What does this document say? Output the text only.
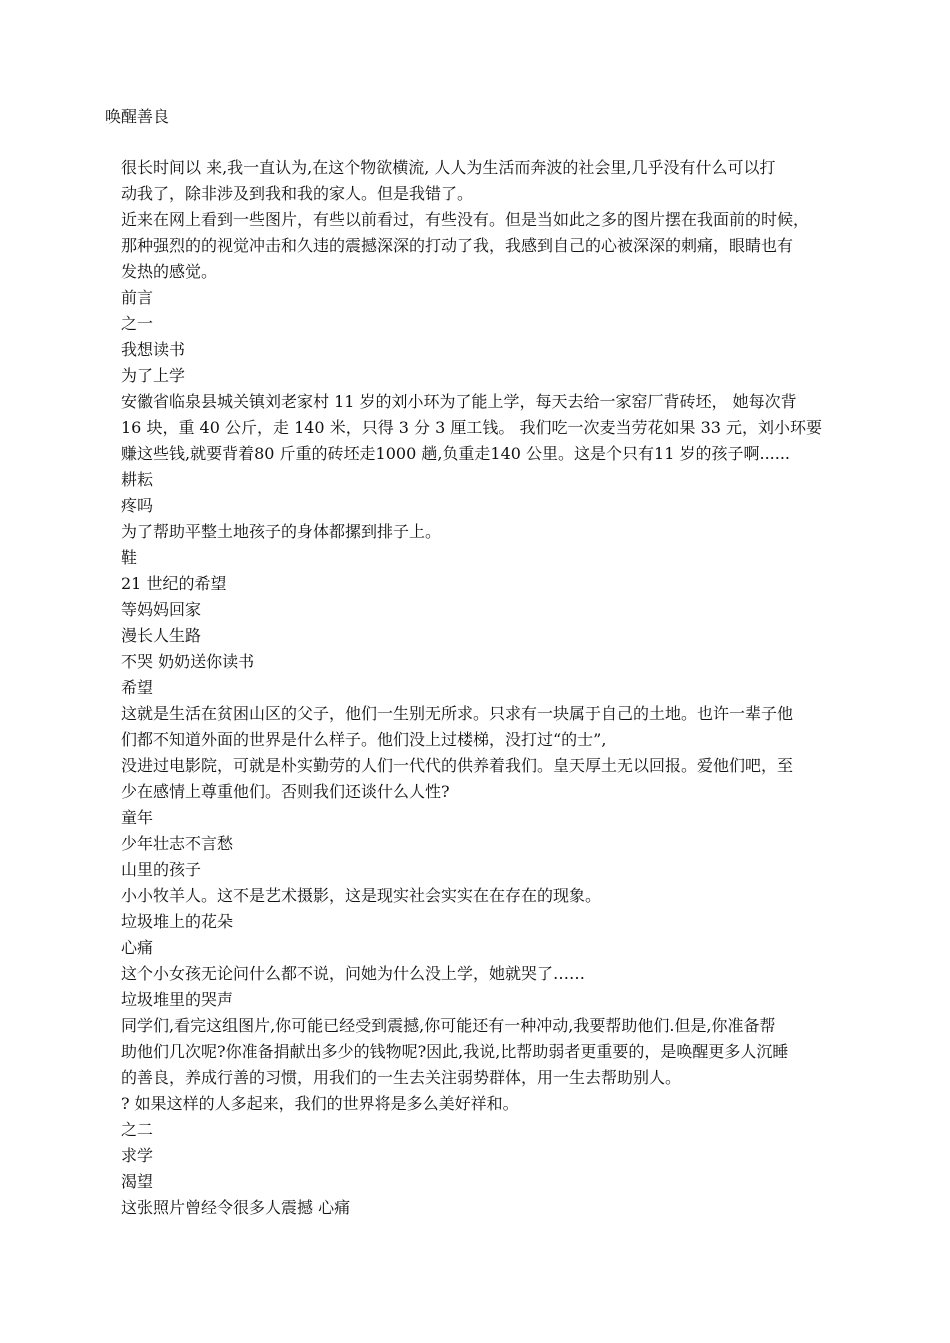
唤醒善良
很长时间以 来,我一直认为,在这个物欲横流, 人人为生活而奔波的社会里,几乎没有什么可以打
动我了，除非涉及到我和我的家人。但是我错了。
近来在网上看到一些图片，有些以前看过，有些没有。但是当如此之多的图片摆在我面前的时候，
那种强烈的的视觉冲击和久违的震撼深深的打动了我，我感到自己的心被深深的刺痛，眼睛也有
发热的感觉。
前言
之一
我想读书
为了上学
安徽省临泉县城关镇刘老家村 11 岁的刘小环为了能上学，每天去给一家窑厂背砖坯， 她每次背
16 块，重 40 公斤，走 140 米，只得 3 分 3 厘工钱。 我们吃一次麦当劳花如果 33 元，刘小环要
赚这些钱,就要背着80 斤重的砖坯走1000 趟,负重走140 公里。这是个只有11 岁的孩子啊......
耕耘
疼吗
为了帮助平整土地孩子的身体都摞到排子上。
鞋
21 世纪的希望
等妈妈回家
漫长人生路
不哭 奶奶送你读书
希望
这就是生活在贫困山区的父子，他们一生别无所求。只求有一块属于自己的土地。也许一辈子他
们都不知道外面的世界是什么样子。他们没上过楼梯，没打过“的士”,
没进过电影院，可就是朴实勤劳的人们一代代的供养着我们。皇天厚土无以回报。爱他们吧，至
少在感情上尊重他们。否则我们还谈什么人性?
童年
少年壮志不言愁
山里的孩子
小小牧羊人。这不是艺术摄影，这是现实社会实实在在存在的现象。
垃圾堆上的花朵
心痛
这个小女孩无论问什么都不说，问她为什么没上学，她就哭了……
垃圾堆里的哭声
同学们,看完这组图片,你可能已经受到震撼,你可能还有一种冲动,我要帮助他们.但是,你准备帮
助他们几次呢?你准备捐献出多少的钱物呢?因此,我说,比帮助弱者更重要的，是唤醒更多人沉睡
的善良，养成行善的习惯，用我们的一生去关注弱势群体，用一生去帮助别人。
? 如果这样的人多起来，我们的世界将是多么美好祥和。
之二
求学
渴望
这张照片曾经令很多人震撼 心痛
